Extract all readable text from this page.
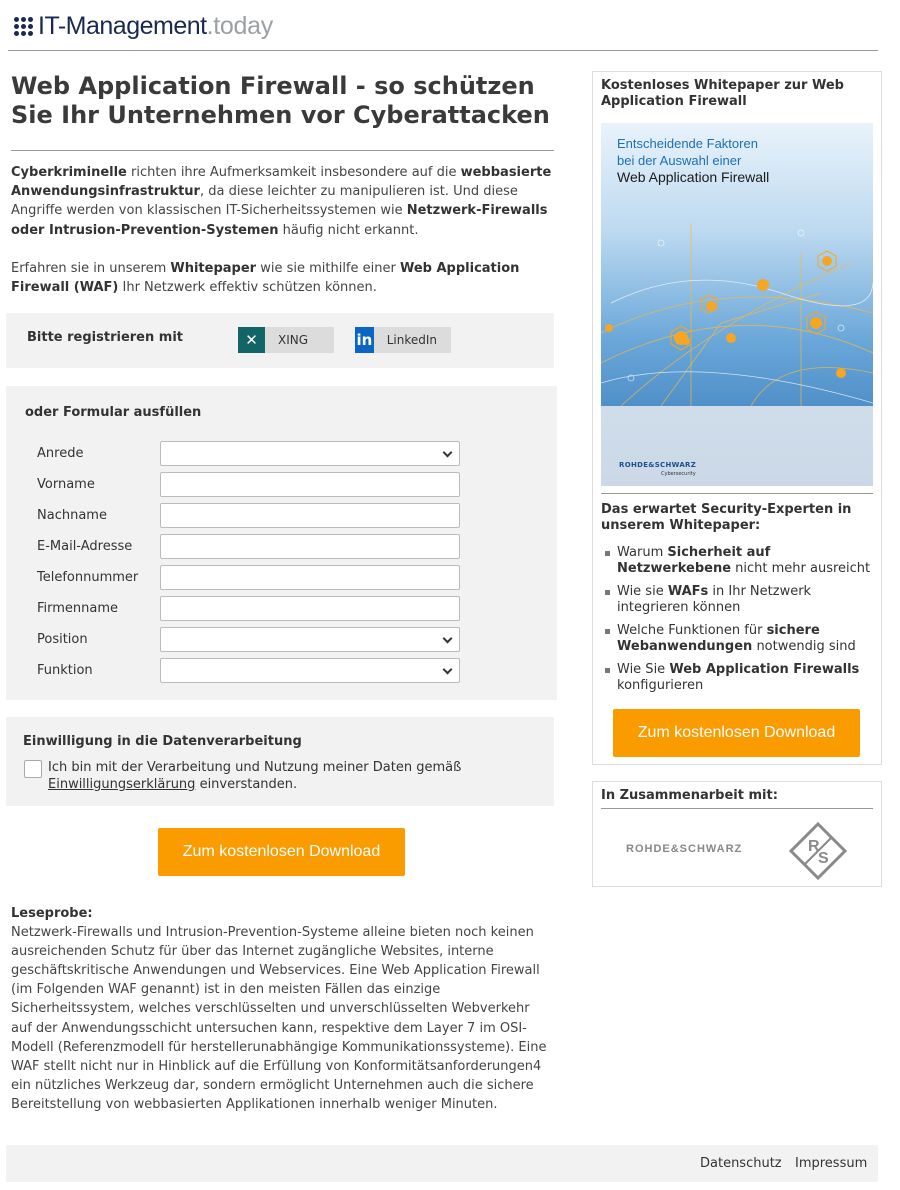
IT-Management .today
Web Application Firewall - so schützen Sie Ihr Unternehmen vor Cyberattacken

Cyberkriminelle richten ihre Aufmerksamkeit insbesondere auf die webbasierte Anwendungsinfrastruktur, da diese leichter zu manipulieren ist. Und diese Angriffe werden von klassischen IT-Sicherheitssystemen wie Netzwerk-Firewalls oder Intrusion-Prevention-Systemen häufig nicht erkannt.

Erfahren sie in unserem Whitepaper wie sie mithilfe einer Web Application Firewall (WAF) Ihr Netzwerk effektiv schützen können.

Bitte registrieren mit	✕	XING	in	LinkedIn
oder Formular ausfüllen
Anrede
Vorname
Nachname
E-Mail-Adresse
Telefonnummer
Firmenname
Position
Funktion
Einwilligung in die Datenverarbeitung
Ich bin mit der Verarbeitung und Nutzung meiner Daten gemäß
Einwilligungserklärung einverstanden.
Zum kostenlosen Download
Leseprobe:
Netzwerk-Firewalls und Intrusion-Prevention-Systeme alleine bieten noch keinen ausreichenden Schutz für über das Internet zugängliche Websites, interne geschäftskritische Anwendungen und Webservices. Eine Web Application Firewall (im Folgenden WAF genannt) ist in den meisten Fällen das einzige Sicherheitssystem, welches verschlüsselten und unverschlüsselten Webverkehr auf der Anwendungsschicht untersuchen kann, respektive dem Layer 7 im OSI-Modell (Referenzmodell für herstellerunabhängige Kommunikationssysteme). Eine WAF stellt nicht nur in Hinblick auf die Erfüllung von Konformitätsanforderungen4 ein nützliches Werkzeug dar, sondern ermöglicht Unternehmen auch die sichere Bereitstellung von webbasierten Applikationen innerhalb weniger Minuten.
Kostenloses Whitepaper zur Web Application Firewall
Entscheidende Faktoren
bei der Auswahl einer
Web Application Firewall
ROHDE&SCHWARZ
Cybersecurity
Das erwartet Security-Experten in unserem Whitepaper:
Warum Sicherheit auf Netzwerkebene nicht mehr ausreicht
Wie sie WAFs in Ihr Netzwerk integrieren können
Welche Funktionen für sichere Webanwendungen notwendig sind
Wie Sie Web Application Firewalls konfigurieren
Zum kostenlosen Download
In Zusammenarbeit mit:
ROHDE&SCHWARZ	R
S
Datenschutz Impressum
